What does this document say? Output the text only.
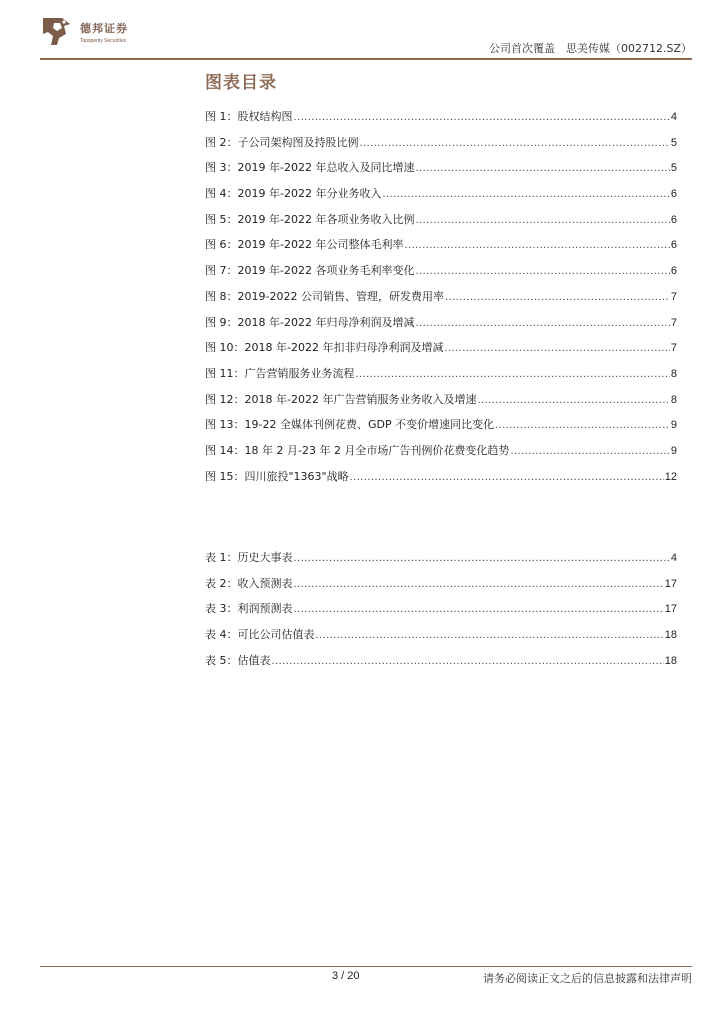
德邦证券
Topsperity Securities
公司首次覆盖　思美传媒（002712.SZ）
图表目录
图 1：股权结构图 .....	4
图 2：子公司架构图及持股比例 .....	5
图 3：2019 年-2022 年总收入及同比增速 .....	5
图 4：2019 年-2022 年分业务收入 .....	6
图 5：2019 年-2022 年各项业务收入比例 .....	6
图 6：2019 年-2022 年公司整体毛利率 .....	6
图 7：2019 年-2022 各项业务毛利率变化 .....	6
图 8：2019-2022 公司销售、管理，研发费用率 .....	7
图 9：2018 年-2022 年归母净利润及增减 .....	7
图 10：2018 年-2022 年扣非归母净利润及增减 .....	7
图 11：广告营销服务业务流程 .....	8
图 12：2018 年-2022 年广告营销服务业务收入及增速 .....	8
图 13：19-22 全媒体刊例花费、GDP 不变价增速同比变化 .....	9
图 14：18 年 2 月-23 年 2 月全市场广告刊例价花费变化趋势 .....	9
图 15：四川旅投"1363"战略 .....	12
表 1：历史大事表 .....	4
表 2：收入预测表 .....	17
表 3：利润预测表 .....	17
表 4：可比公司估值表 .....	18
表 5：估值表 .....	18
3 / 20	请务必阅读正文之后的信息披露和法律声明
